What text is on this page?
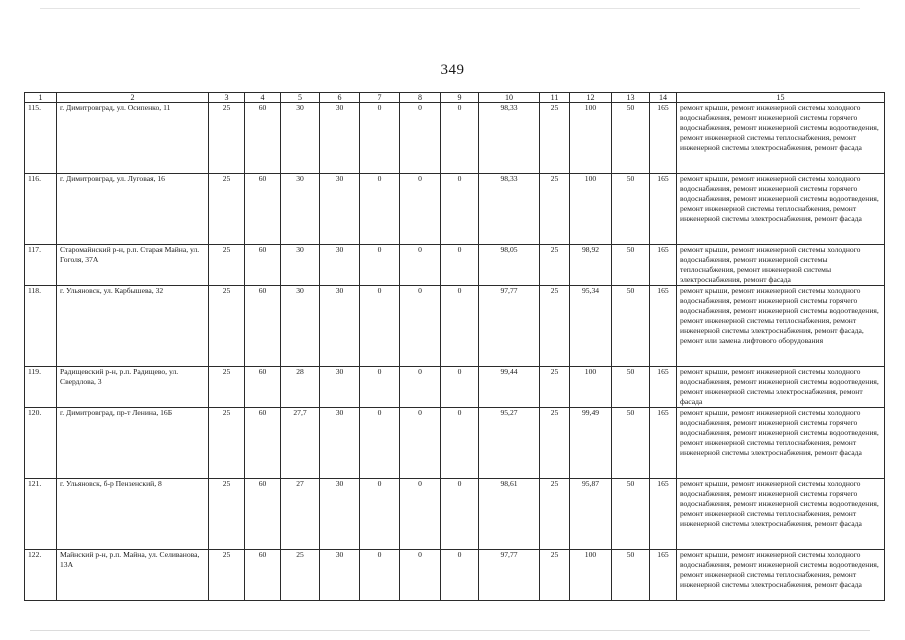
349
1	2	3	4	5	6	7	8	9	10	11	12	13	14	15
115.	г. Димитровград, ул. Осипенко, 11	25	60	30	30	0	0	0	98,33	25	100	50	165	ремонт крыши, ремонт инженерной системы холодного водоснабжения, ремонт инженерной системы горячего водоснабжения, ремонт инженерной системы водоотведения, ремонт инженерной системы теплоснабжения, ремонт инженерной системы электроснабжения, ремонт фасада
116.	г. Димитровград, ул. Луговая, 16	25	60	30	30	0	0	0	98,33	25	100	50	165	ремонт крыши, ремонт инженерной системы холодного водоснабжения, ремонт инженерной системы горячего водоснабжения, ремонт инженерной системы водоотведения, ремонт инженерной системы теплоснабжения, ремонт инженерной системы электроснабжения, ремонт фасада
117.	Старомайнский р-н, р.п. Старая Майна, ул. Гоголя, 37А	25	60	30	30	0	0	0	98,05	25	98,92	50	165	ремонт крыши, ремонт инженерной системы холодного водоснабжения, ремонт инженерной системы теплоснабжения, ремонт инженерной системы электроснабжения, ремонт фасада
118.	г. Ульяновск, ул. Карбышева, 32	25	60	30	30	0	0	0	97,77	25	95,34	50	165	ремонт крыши, ремонт инженерной системы холодного водоснабжения, ремонт инженерной системы горячего водоснабжения, ремонт инженерной системы водоотведения, ремонт инженерной системы теплоснабжения, ремонт инженерной системы электроснабжения, ремонт фасада, ремонт или замена лифтового оборудования
119.	Радищевский р-н, р.п. Радищево, ул. Свердлова, 3	25	60	28	30	0	0	0	99,44	25	100	50	165	ремонт крыши, ремонт инженерной системы холодного водоснабжения, ремонт инженерной системы водоотведения, ремонт инженерной системы электроснабжения, ремонт фасада
120.	г. Димитровград, пр-т Ленина, 16Б	25	60	27,7	30	0	0	0	95,27	25	99,49	50	165	ремонт крыши, ремонт инженерной системы холодного водоснабжения, ремонт инженерной системы горячего водоснабжения, ремонт инженерной системы водоотведения, ремонт инженерной системы теплоснабжения, ремонт инженерной системы электроснабжения, ремонт фасада
121.	г. Ульяновск, б-р Пензенский, 8	25	60	27	30	0	0	0	98,61	25	95,87	50	165	ремонт крыши, ремонт инженерной системы холодного водоснабжения, ремонт инженерной системы горячего водоснабжения, ремонт инженерной системы водоотведения, ремонт инженерной системы теплоснабжения, ремонт инженерной системы электроснабжения, ремонт фасада
122.	Майнский р-н, р.п. Майна, ул. Селиванова, 13А	25	60	25	30	0	0	0	97,77	25	100	50	165	ремонт крыши, ремонт инженерной системы холодного водоснабжения, ремонт инженерной системы водоотведения, ремонт инженерной системы теплоснабжения, ремонт инженерной системы электроснабжения, ремонт фасада
